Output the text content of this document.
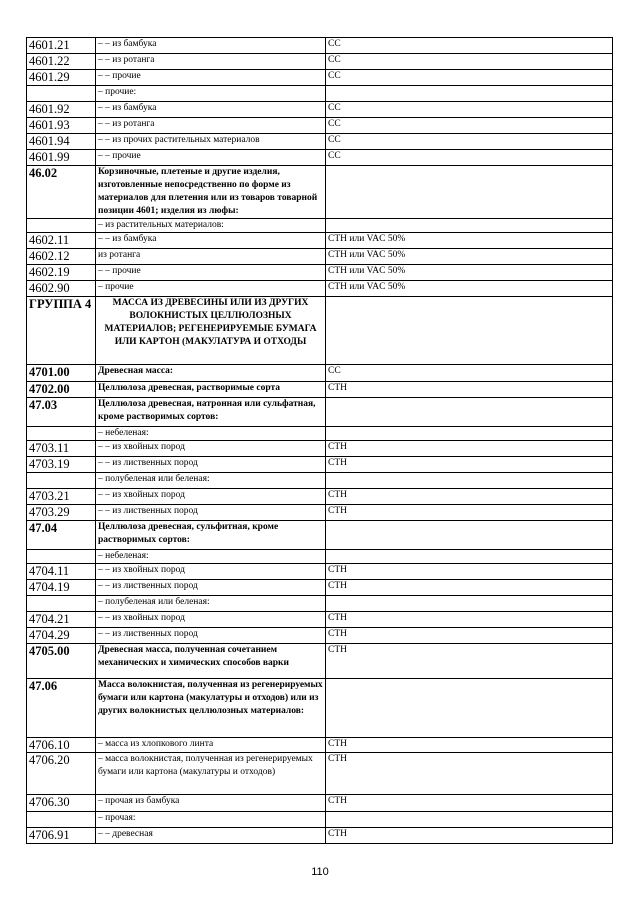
4601.21	– – из бамбука	СС
4601.22	– – из ротанга	СС
4601.29	– – прочие	СС
	– прочие:	
4601.92	– – из бамбука	СС
4601.93	– – из ротанга	СС
4601.94	– – из прочих растительных материалов	СС
4601.99	– – прочие	СС
46.02	Корзиночные, плетеные и другие изделия, изготовленные непосредственно по форме из материалов для плетения или из товаров товарной позиции 4601; изделия из люфы:	
	– из растительных материалов:	
4602.11	– – из бамбука	СТН или VAC 50%
4602.12	из ротанга	СТН или VAC 50%
4602.19	– – прочие	СТН или VAC 50%
4602.90	– прочие	СТН или VAC 50%
ГРУППА 4	МАССА ИЗ ДРЕВЕСИНЫ ИЛИ ИЗ ДРУГИХ ВОЛОКНИСТЫХ ЦЕЛЛЮЛОЗНЫХ МАТЕРИАЛОВ; РЕГЕНЕРИРУЕМЫЕ БУМАГА ИЛИ КАРТОН (МАКУЛАТУРА И ОТХОДЫ	
4701.00	Древесная масса:	СС
4702.00	Целлюлоза древесная, растворимые сорта	СТН
47.03	Целлюлоза древесная, натронная или сульфатная, кроме растворимых сортов:	
	– небеленая:	
4703.11	– – из хвойных пород	СТН
4703.19	– – из лиственных пород	СТН
	– полубеленая или беленая:	
4703.21	– – из хвойных пород	СТН
4703.29	– – из лиственных пород	СТН
47.04	Целлюлоза древесная, сульфитная, кроме растворимых сортов:	
	– небеленая:	
4704.11	– – из хвойных пород	СТН
4704.19	– – из лиственных пород	СТН
	– полубеленая или беленая:	
4704.21	– – из хвойных пород	СТН
4704.29	– – из лиственных пород	СТН
4705.00	Древесная масса, полученная сочетанием механических и химических способов варки	СТН
47.06	Масса волокнистая, полученная из регенерируемых бумаги или картона (макулатуры и отходов) или из других волокнистых целлюлозных материалов:	
4706.10	– масса из хлопкового линта	СТН
4706.20	– масса волокнистая, полученная из регенерируемых бумаги или картона (макулатуры и отходов)	СТН
4706.30	– прочая из бамбука	СТН
	– прочая:	
4706.91	– – древесная	СТН
110
